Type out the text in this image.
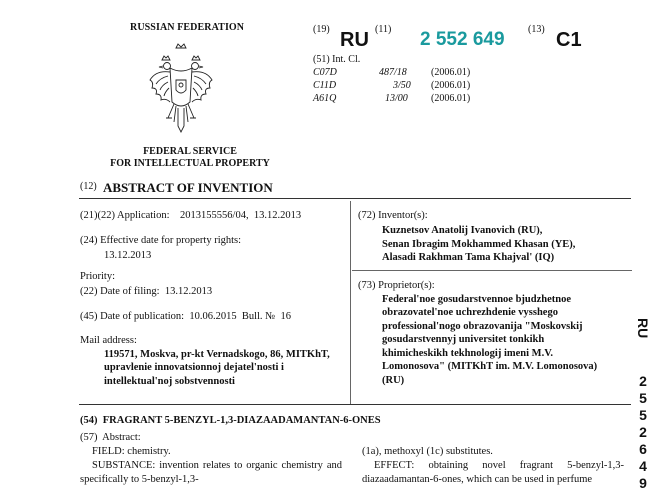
RUSSIAN FEDERATION
FEDERAL SERVICE
FOR INTELLECTUAL PROPERTY
(19) RU (11) 2 552 649 (13) C1
(51) Int. Cl.
C07D	487/18	(2006.01)
C11D	3/50	(2006.01)
A61Q	13/00	(2006.01)
(12) ABSTRACT OF INVENTION
(21)(22) Application:    2013155556/04,  13.12.2013
(24) Effective date for property rights:
13.12.2013
Priority:
(22) Date of filing:  13.12.2013
(45) Date of publication:  10.06.2015  Bull. №  16
Mail address:
119571, Moskva, pr-kt Vernadskogo, 86, MITKhT,
upravlenie innovatsionnoj dejatel'nosti i
intellektual'noj sobstvennosti
(72) Inventor(s):
Kuznetsov Anatolij Ivanovich (RU),
Senan Ibragim Mokhammed Khasan (YE),
Alasadi Rakhman Tama Khajval' (IQ)
(73) Proprietor(s):
Federal'noe gosudarstvennoe bjudzhetnoe
obrazovatel'noe uchrezhdenie vysshego
professional'nogo obrazovanija "Moskovskij
gosudarstvennyj universitet tonkikh
khimicheskikh tekhnologij imeni M.V.
Lomonosova" (MITKhT im. M.V. Lomonosova)
(RU)
(54)  FRAGRANT 5-BENZYL-1,3-DIAZAADAMANTAN-6-ONES
(57)  Abstract:
FIELD: chemistry.
SUBSTANCE: invention relates to organic chemistry and specifically to 5-benzyl-1,3-
(1a), methoxyl (1c) substitutes.
EFFECT: obtaining novel fragrant 5-benzyl-1,3-diazaadamantan-6-ones, which can be used in perfume
RU
2
5
5
2
6
4
9
